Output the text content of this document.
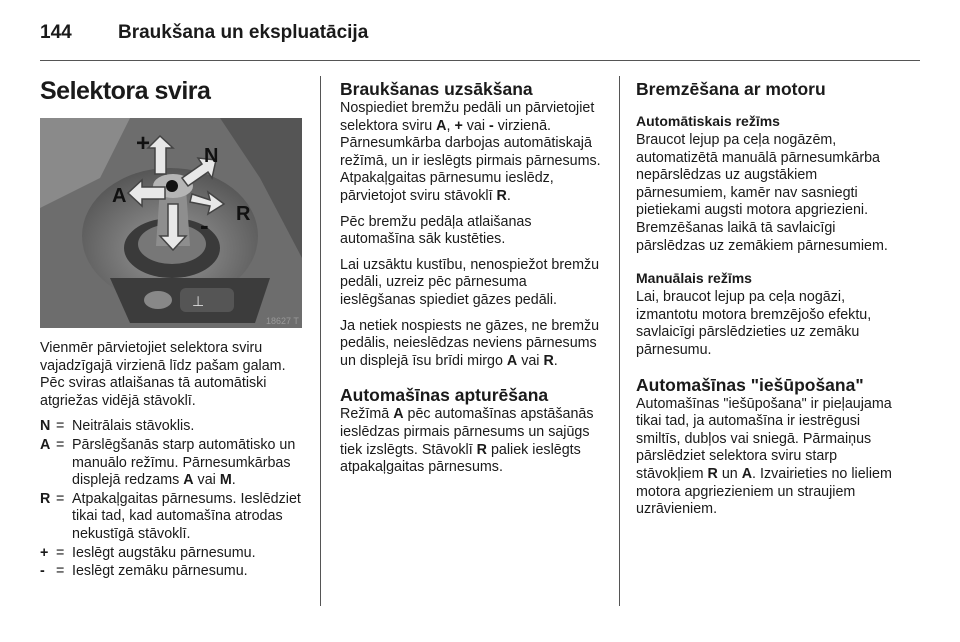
144 Braukšana un ekspluatācija
Selektora svira
⊥
+
-
N
A
R
18627 T

Vienmēr pārvietojiet selektora sviru vajadzīgajā virzienā līdz pašam galam. Pēc sviras atlaišanas tā automātiski atgriežas vidējā stāvoklī.

N = Neitrālais stāvoklis.
A = Pārslēgšanās starp automātisko un manuālo režīmu. Pārnesumkārbas displejā redzams A vai M.
R = Atpakaļgaitas pārnesums. Ieslēdziet tikai tad, kad automašīna atrodas nekustīgā stāvoklī.
+ = Ieslēgt augstāku pārnesumu.
- = Ieslēgt zemāku pārnesumu.
Braukšanas uzsākšana

Nospiediet bremžu pedāli un pārvietojiet selektora sviru A, + vai - virzienā. Pārnesumkārba darbojas automātiskajā režīmā, un ir ieslēgts pirmais pārnesums. Atpakaļgaitas pārnesumu ieslēdz, pārvietojot sviru stāvoklī R.

Pēc bremžu pedāļa atlaišanas automašīna sāk kustēties.

Lai uzsāktu kustību, nenospiežot bremžu pedāli, uzreiz pēc pārnesuma ieslēgšanas spiediet gāzes pedāli.

Ja netiek nospiests ne gāzes, ne bremžu pedālis, neieslēdzas neviens pārnesums un displejā īsu brīdi mirgo A vai R.

Automašīnas apturēšana

Režīmā A pēc automašīnas apstāšanās ieslēdzas pirmais pārnesums un sajūgs tiek izslēgts. Stāvoklī R paliek ieslēgts atpakaļgaitas pārnesums.

Bremzēšana ar motoru
Automātiskais režīms

Braucot lejup pa ceļa nogāzēm, automatizētā manuālā pārnesumkārba nepārslēdzas uz augstākiem pārnesumiem, kamēr nav sasniegti pietiekami augsti motora apgriezieni. Bremzēšanas laikā tā savlaicīgi pārslēdzas uz zemākiem pārnesumiem.

Manuālais režīms

Lai, braucot lejup pa ceļa nogāzi, izmantotu motora bremzējošo efektu, savlaicīgi pārslēdzieties uz zemāku pārnesumu.

Automašīnas "iešūpošana"

Automašīnas "iešūpošana" ir pieļaujama tikai tad, ja automašīna ir iestrēgusi smiltīs, dubļos vai sniegā. Pārmaiņus pārslēdziet selektora sviru starp stāvokļiem R un A. Izvairieties no lieliem motora apgriezieniem un straujiem uzrāvieniem.
